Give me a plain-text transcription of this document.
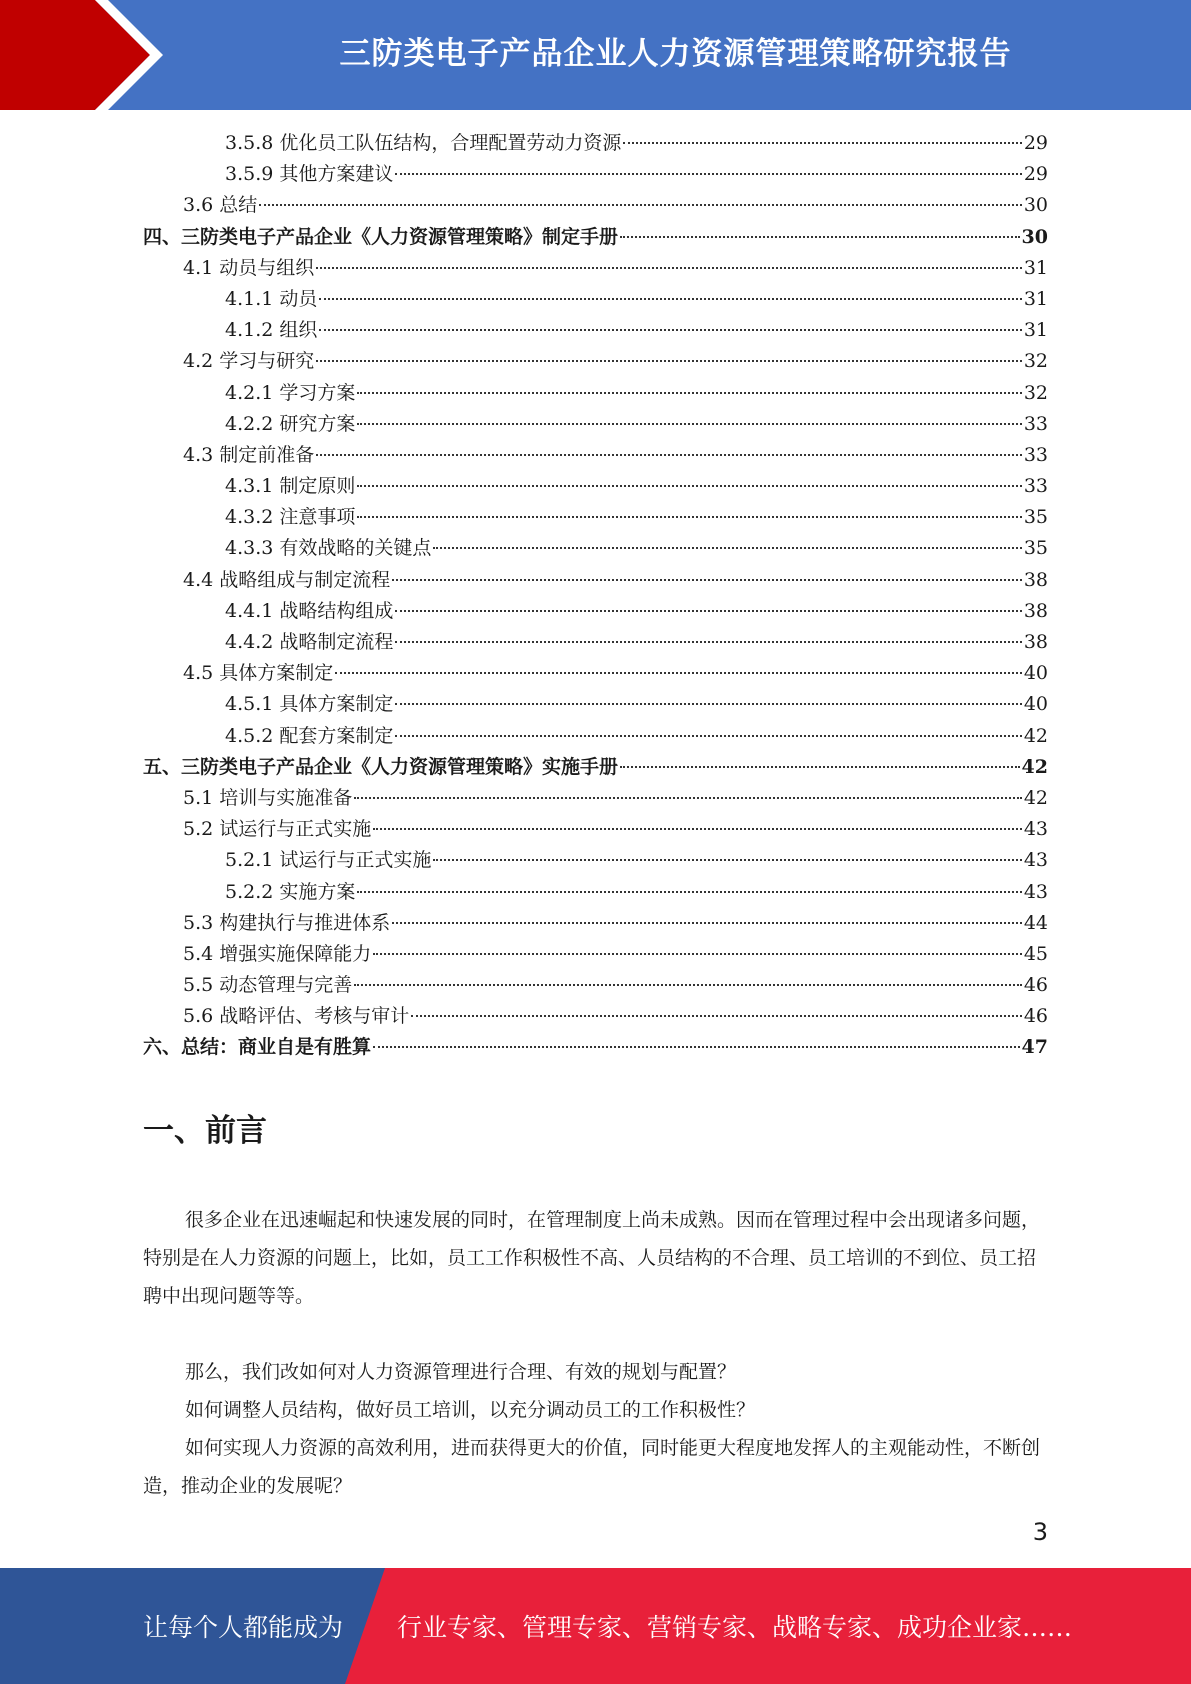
三防类电子产品企业人力资源管理策略研究报告
3.5.8 优化员工队伍结构，合理配置劳动力资源	29
3.5.9 其他方案建议	29
3.6 总结	30
四、三防类电子产品企业《人力资源管理策略》制定手册	30
4.1 动员与组织	31
4.1.1 动员	31
4.1.2 组织	31
4.2 学习与研究	32
4.2.1 学习方案	32
4.2.2 研究方案	33
4.3 制定前准备	33
4.3.1 制定原则	33
4.3.2 注意事项	35
4.3.3 有效战略的关键点	35
4.4 战略组成与制定流程	38
4.4.1 战略结构组成	38
4.4.2 战略制定流程	38
4.5 具体方案制定	40
4.5.1 具体方案制定	40
4.5.2 配套方案制定	42
五、三防类电子产品企业《人力资源管理策略》实施手册	42
5.1 培训与实施准备	42
5.2 试运行与正式实施	43
5.2.1 试运行与正式实施	43
5.2.2 实施方案	43
5.3 构建执行与推进体系	44
5.4 增强实施保障能力	45
5.5 动态管理与完善	46
5.6 战略评估、考核与审计	46
六、总结：商业自是有胜算	47
一、前言

很多企业在迅速崛起和快速发展的同时，在管理制度上尚未成熟。因而在管理过程中会出现诸多问题，特别是在人力资源的问题上，比如，员工工作积极性不高、人员结构的不合理、员工培训的不到位、员工招聘中出现问题等等。

那么，我们改如何对人力资源管理进行合理、有效的规划与配置？

如何调整人员结构，做好员工培训，以充分调动员工的工作积极性？

如何实现人力资源的高效利用，进而获得更大的价值，同时能更大程度地发挥人的主观能动性，不断创造，推动企业的发展呢？

3
让每个人都能成为 行业专家、管理专家、营销专家、战略专家、成功企业家……
